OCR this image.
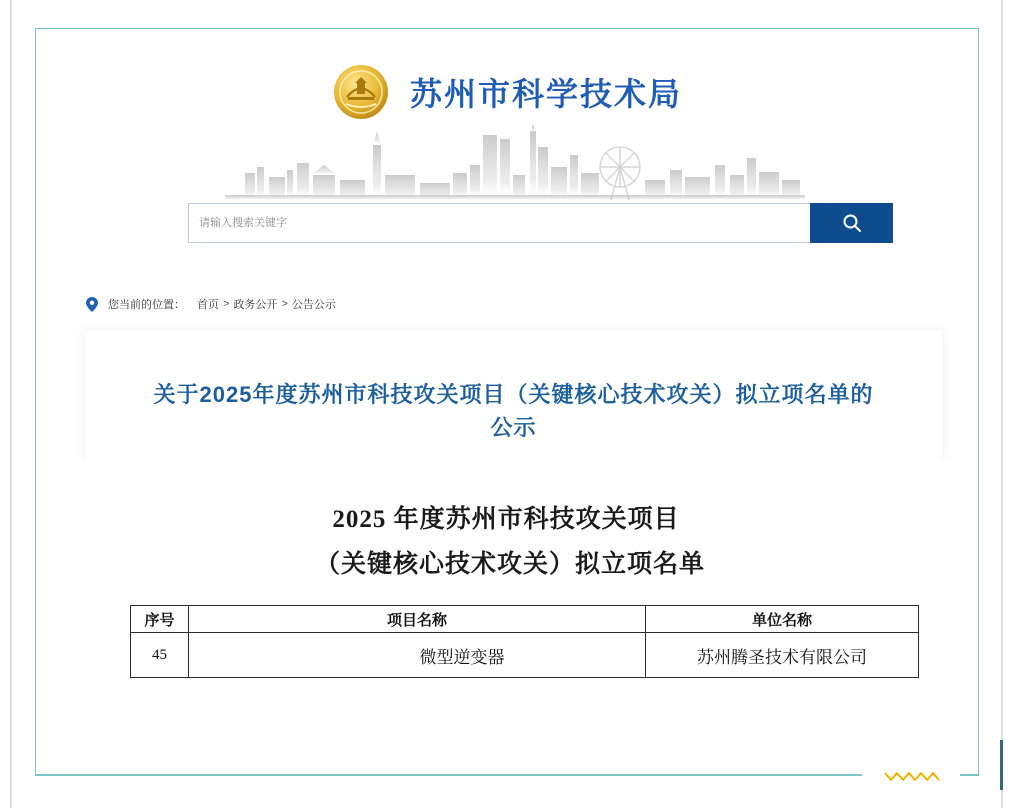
苏州市科学技术局
请输入搜索关键字
您当前的位置： 首页 > 政务公开 > 公告公示
关于2025年度苏州市科技攻关项目（关键核心技术攻关）拟立项名单的
公示
2025 年度苏州市科技攻关项目
（关键核心技术攻关）拟立项名单
序号	项目名称	单位名称
45	微型逆变器	苏州腾圣技术有限公司
